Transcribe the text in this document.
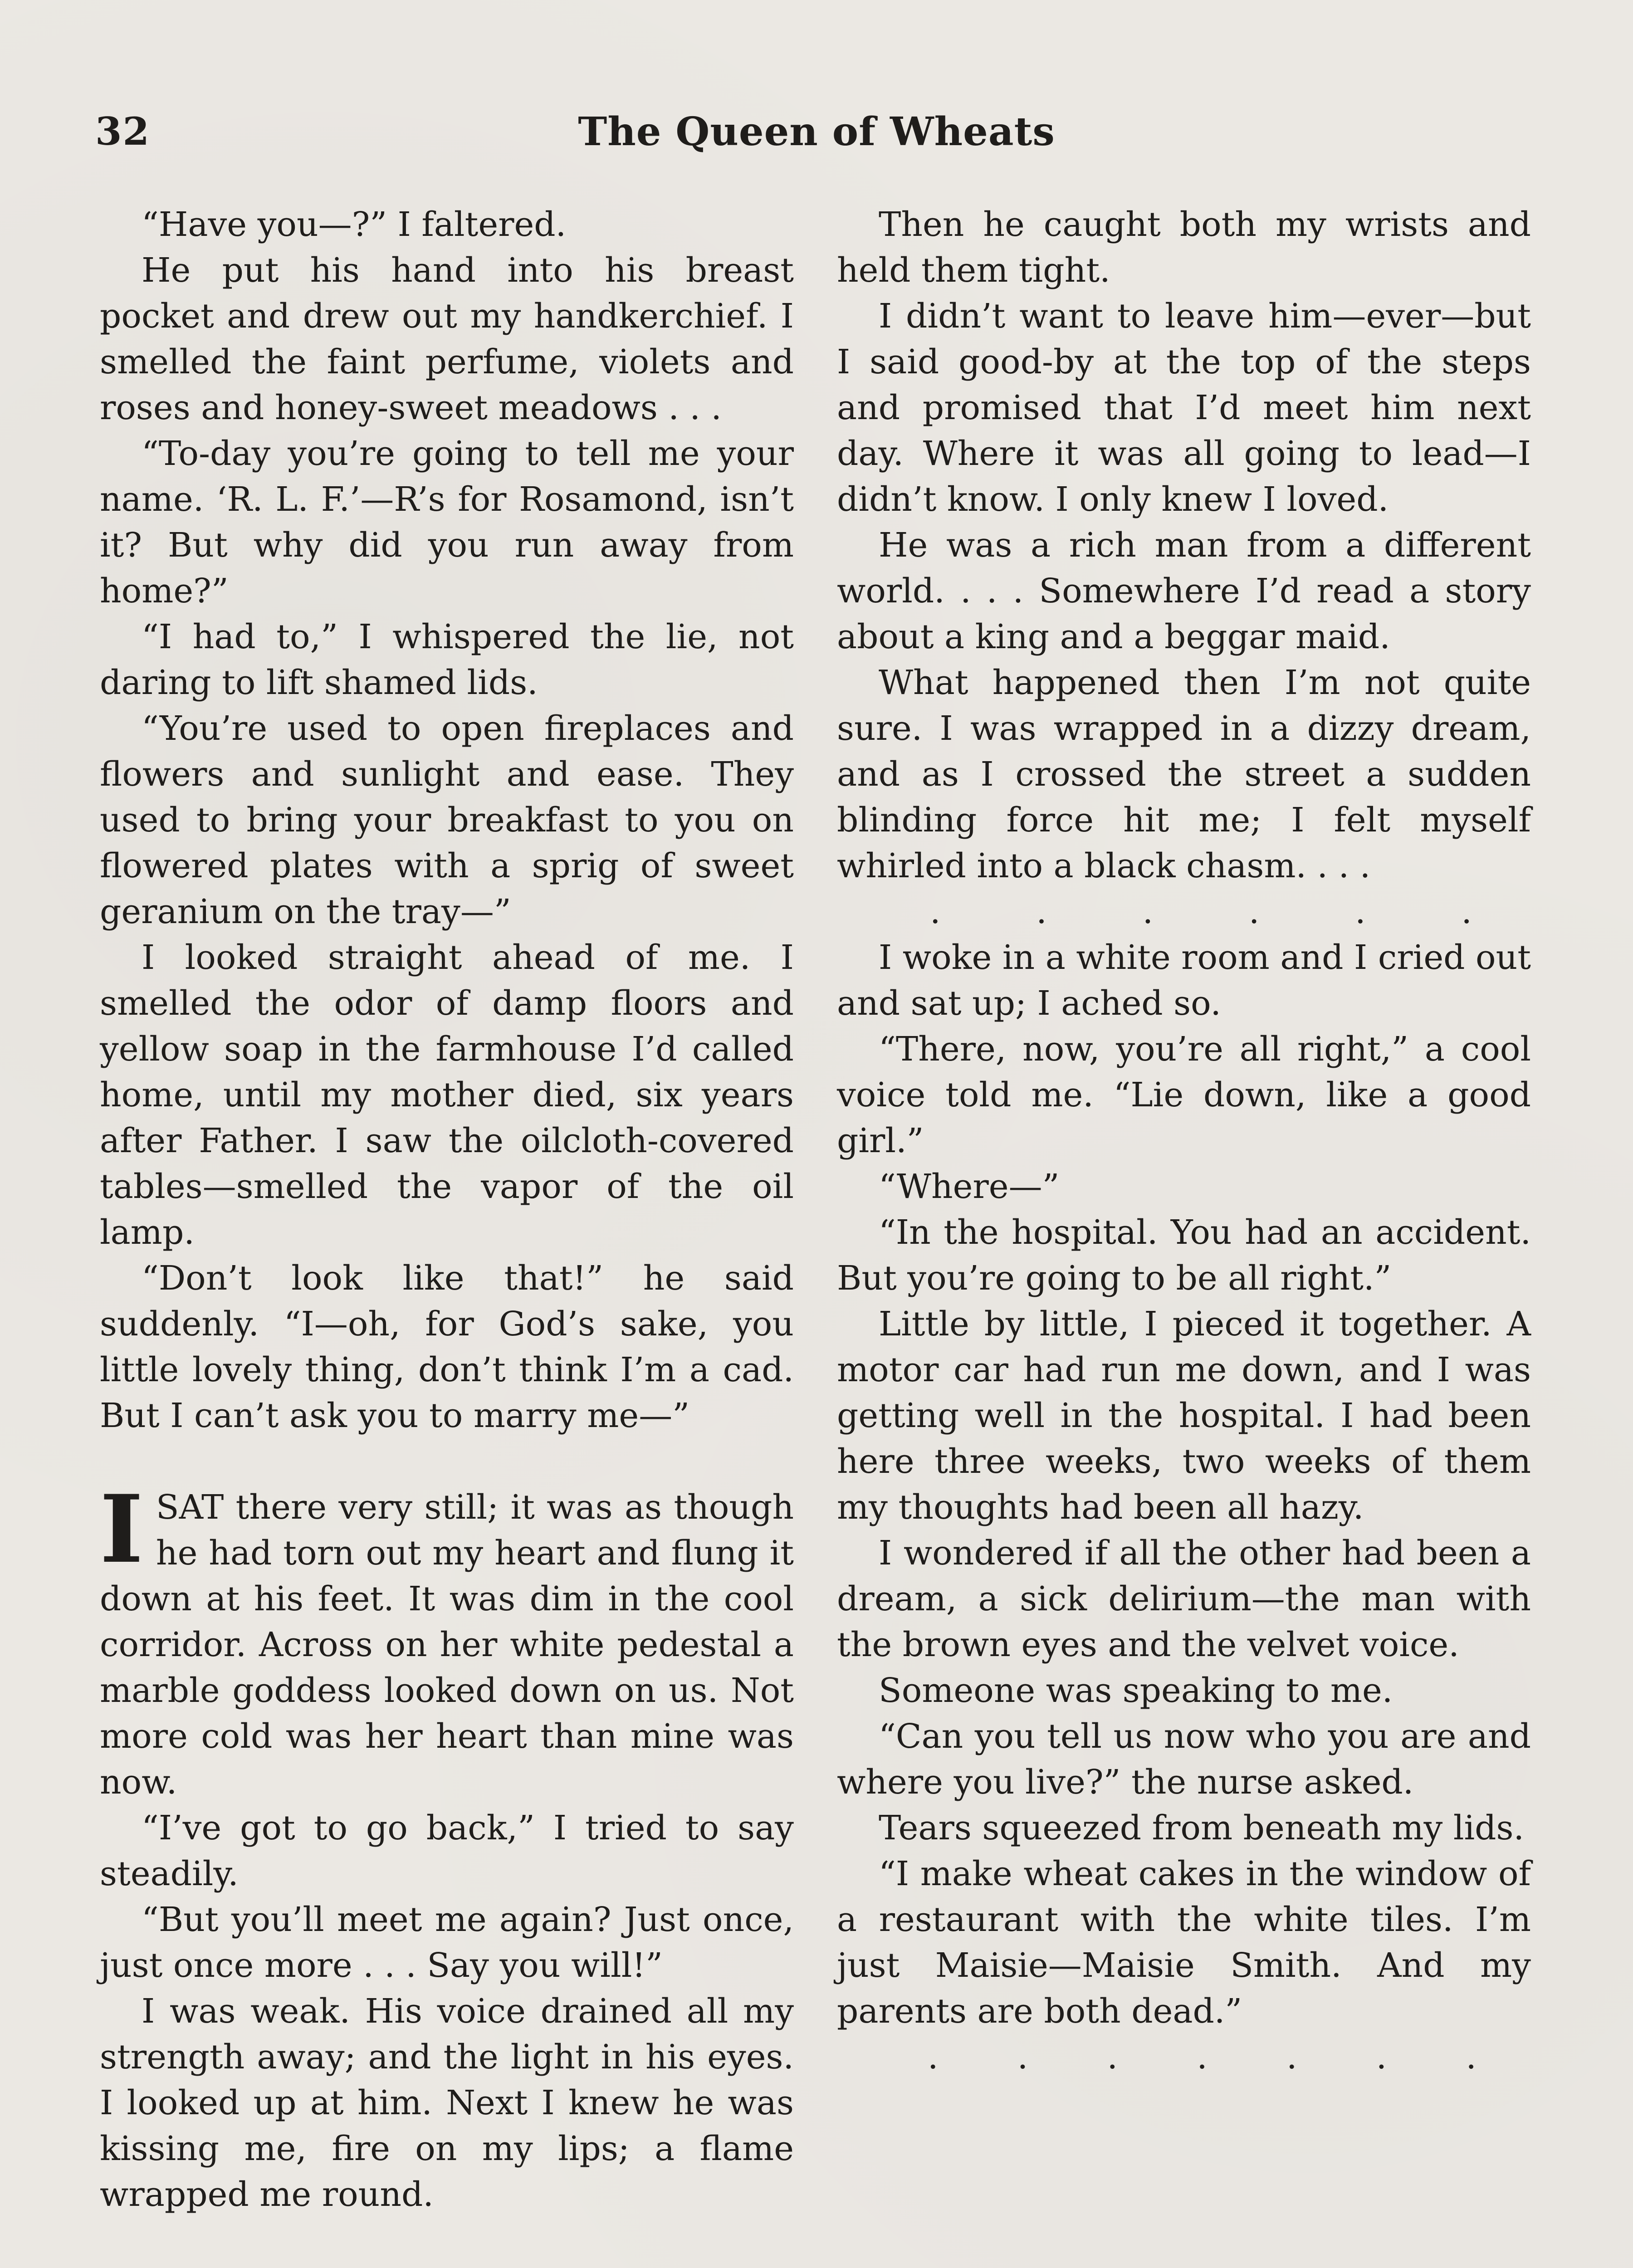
32	The Queen of Wheats

“Have you—?” I faltered.

He put his hand into his breast pocket and drew out my handkerchief. I smelled the faint perfume, violets and roses and honey-sweet meadows . . .

“To-day you’re going to tell me your name. ‘R. L. F.’—R’s for Rosamond, isn’t it? But why did you run away from home?”

“I had to,” I whispered the lie, not daring to lift shamed lids.

“You’re used to open fireplaces and flowers and sunlight and ease. They used to bring your breakfast to you on flowered plates with a sprig of sweet geranium on the tray—”

I looked straight ahead of me. I smelled the odor of damp floors and yellow soap in the farmhouse I’d called home, until my mother died, six years after Father. I saw the oilcloth-covered tables—smelled the vapor of the oil lamp.

“Don’t look like that!” he said suddenly. “I—oh, for God’s sake, you little lovely thing, don’t think I’m a cad. But I can’t ask you to marry me—”

ISAT there very still; it was as though he had torn out my heart and flung it down at his feet. It was dim in the cool corridor. Across on her white pedestal a marble goddess looked down on us. Not more cold was her heart than mine was now.

“I’ve got to go back,” I tried to say steadily.

“But you’ll meet me again? Just once, just once more . . . Say you will!”

I was weak. His voice drained all my strength away; and the light in his eyes. I looked up at him. Next I knew he was kissing me, fire on my lips; a flame wrapped me round.

Then he caught both my wrists and held them tight.

I didn’t want to leave him—ever—but I said good-by at the top of the steps and promised that I’d meet him next day. Where it was all going to lead—I didn’t know. I only knew I loved.

He was a rich man from a different world. . . . Somewhere I’d read a story about a king and a beggar maid.

What happened then I’m not quite sure. I was wrapped in a dizzy dream, and as I crossed the street a sudden blinding force hit me; I felt myself whirled into a black chasm. . . .

.	.	.	.	.	.

I woke in a white room and I cried out and sat up; I ached so.

“There, now, you’re all right,” a cool voice told me. “Lie down, like a good girl.”

“Where—”

“In the hospital. You had an accident. But you’re going to be all right.”

Little by little, I pieced it together. A motor car had run me down, and I was getting well in the hospital. I had been here three weeks, two weeks of them my thoughts had been all hazy.

I wondered if all the other had been a dream, a sick delirium—the man with the brown eyes and the velvet voice.

Someone was speaking to me.

“Can you tell us now who you are and where you live?” the nurse asked.

Tears squeezed from beneath my lids.

“I make wheat cakes in the window of a restaurant with the white tiles. I’m just Maisie—Maisie Smith. And my parents are both dead.”

. . . . . . .
